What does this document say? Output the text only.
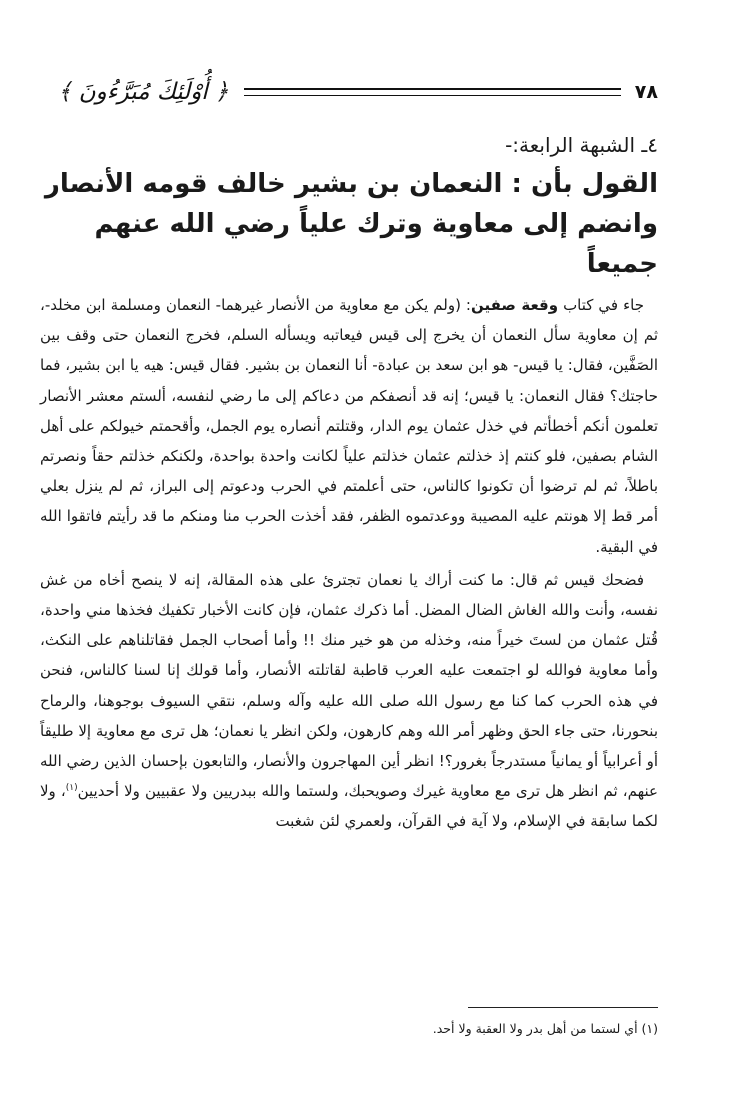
﴿ أُوْلَئِكَ مُبَرَّءُونَ ﴾	٧٨
٤ـ الشبهة الرابعة:-
القول بأن : النعمان بن بشير خالف قومه الأنصار
وانضم إلى معاوية وترك علياً رضي الله عنهم جميعاً

جاء في كتاب وقعة صفين: (ولم يكن مع معاوية من الأنصار غيرهما- النعمان ومسلمة ابن مخلد-، ثم إن معاوية سأل النعمان أن يخرج إلى قيس فيعاتبه ويسأله السلم، فخرج النعمان حتى وقف بين الصَفَّين، فقال: يا قيس- هو ابن سعد بن عبادة- أنا النعمان بن بشير. فقال قيس: هيه يا ابن بشير، فما حاجتك؟ فقال النعمان: يا قيس؛ إنه قد أنصفكم من دعاكم إلى ما رضي لنفسه، ألستم معشر الأنصار تعلمون أنكم أخطأتم في خذل عثمان يوم الدار، وقتلتم أنصاره يوم الجمل، وأقحمتم خيولكم على أهل الشام بصفين، فلو كنتم إذ خذلتم عثمان خذلتم علياً لكانت واحدة بواحدة، ولكنكم خذلتم حقاً ونصرتم باطلاً، ثم لم ترضوا أن تكونوا كالناس، حتى أعلمتم في الحرب ودعوتم إلى البراز، ثم لم ينزل بعلي أمر قط إلا هونتم عليه المصيبة ووعدتموه الظفر، فقد أخذت الحرب منا ومنكم ما قد رأيتم فاتقوا الله في البقية.

فضحك قيس ثم قال: ما كنت أراك يا نعمان تجترئ على هذه المقالة، إنه لا ينصح أخاه من غش نفسه، وأنت والله الغاش الضال المضل. أما ذكرك عثمان، فإن كانت الأخبار تكفيك فخذها مني واحدة، قُتل عثمان من لستَ خيراً منه، وخذله من هو خير منك !! وأما أصحاب الجمل فقاتلناهم على النكث، وأما معاوية فوالله لو اجتمعت عليه العرب قاطبة لقاتلته الأنصار، وأما قولك إنا لسنا كالناس، فنحن في هذه الحرب كما كنا مع رسول الله صلى الله عليه وآله وسلم، نتقي السيوف بوجوهنا، والرماح بنحورنا، حتى جاء الحق وظهر أمر الله وهم كارهون، ولكن انظر يا نعمان؛ هل ترى مع معاوية إلا طليقاً أو أعرابياً أو يمانياً مستدرجاً بغرور؟! انظر أين المهاجرون والأنصار، والتابعون بإحسان الذين رضي الله عنهم، ثم انظر هل ترى مع معاوية غيرك وصويحبك، ولستما والله ببدريين ولا عقبيين ولا أحديين$^{(١)}$، ولا لكما سابقة في الإسلام، ولا آية في القرآن، ولعمري لئن شغبت

(١) أي لستما من أهل بدر ولا العقبة ولا أحد.
